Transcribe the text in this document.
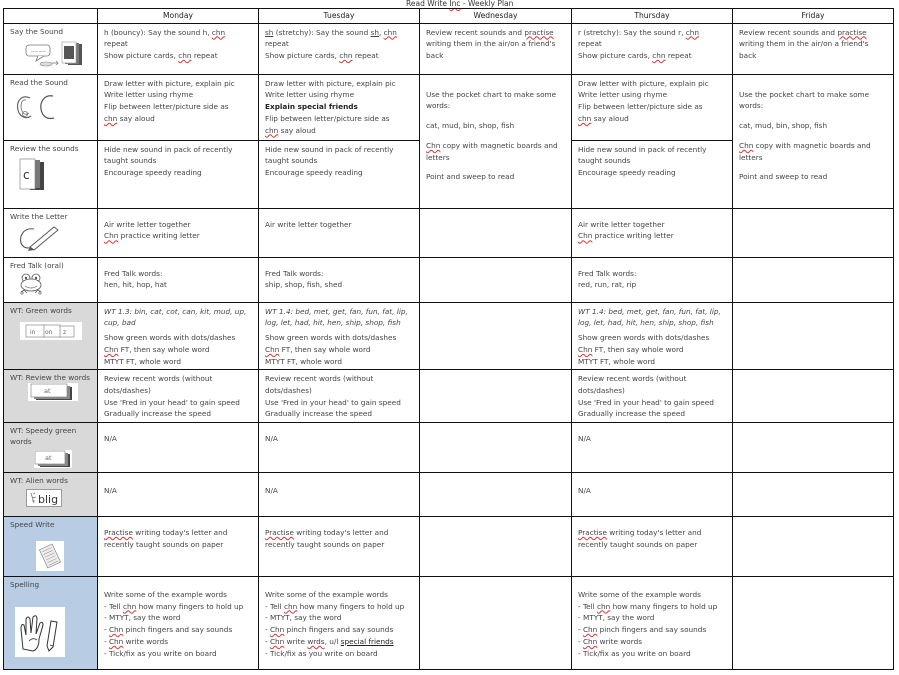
Read Write Inc - Weekly Plan
	Monday	Tuesday	Wednesday	Thursday	Friday

Say the Sound
~~~~	h (bouncy): Say the sound h, chn
repeat
Show picture cards, chn repeat	sh (stretchy): Say the sound sh, chn
repeat
Show picture cards, chn repeat	Review recent sounds and practise writing them in the air/on a friend's back	r (stretchy): Say the sound r, chn
repeat
Show picture cards, chn repeat	Review recent sounds and practise writing them in the air/on a friend's back

Read the Sound	Draw letter with picture, explain pic
Write letter using rhyme
Flip between letter/picture side as
chn say aloud	Draw letter with picture, explain pic
Write letter using rhyme
Explain special friends
Flip between letter/picture side as
chn say aloud	Use the pocket chart to make some words:
cat, mud, bin, shop, fish
Chn copy with magnetic boards and letters
Point and sweep to read	Draw letter with picture, explain pic
Write letter using rhyme
Flip between letter/picture side as
chn say aloud	Use the pocket chart to make some words:
cat, mud, bin, shop, fish
Chn copy with magnetic boards and letters
Point and sweep to read

Review the sounds
c	Hide new sound in pack of recently
taught sounds
Encourage speedy reading	Hide new sound in pack of recently
taught sounds
Encourage speedy reading		Hide new sound in pack of recently
taught sounds
Encourage speedy reading	

Write the Letter	Air write letter together
Chn practice writing letter	Air write letter together		Air write letter together
Chn practice writing letter	

Fred Talk (oral)	Fred Talk words:
hen, hit, hop, hat	Fred Talk words:
ship, shop, fish, shed		Fred Talk words:
red, run, rat, rip	

WT: Green words
in on z	WT 1.3: bin, cat, cot, can, kit, mud, up, cup, bad
Show green words with dots/dashes
Chn FT, then say whole word
MTYT FT, whole word	WT 1.4: bed, met, get, fan, fun, fat, lip, log, let, had, hit, hen, ship, shop, fish
Show green words with dots/dashes
Chn FT, then say whole word
MTYT FT, whole word		WT 1.4: bed, met, get, fan, fun, fat, lip, log, let, had, hit, hen, ship, shop, fish
Show green words with dots/dashes
Chn FT, then say whole word
MTYT FT, whole word	

WT: Review the words
at	Review recent words (without dots/dashes)
Use 'Fred in your head' to gain speed
Gradually increase the speed	Review recent words (without dots/dashes)
Use 'Fred in your head' to gain speed
Gradually increase the speed		Review recent words (without dots/dashes)
Use 'Fred in your head' to gain speed
Gradually increase the speed	

WT: Speedy green words
at	N/A	N/A		N/A	

WT: Alien words
blig	N/A	N/A		N/A	

Speed Write	Practise writing today's letter and recently taught sounds on paper	Practise writing today's letter and recently taught sounds on paper		Practise writing today's letter and recently taught sounds on paper	

Spelling
	Write some of the example words
- Tell chn how many fingers to hold up
- MTYT, say the word
- Chn pinch fingers and say sounds
- Chn write words
- Tick/fix as you write on board	Write some of the example words
- Tell chn how many fingers to hold up
- MTYT, say the word
- Chn pinch fingers and say sounds
- Chn write wrds, u/l special friends
- Tick/fix as you write on board		Write some of the example words
- Tell chn how many fingers to hold up
- MTYT, say the word
- Chn pinch fingers and say sounds
- Chn write words
- Tick/fix as you write on board	
